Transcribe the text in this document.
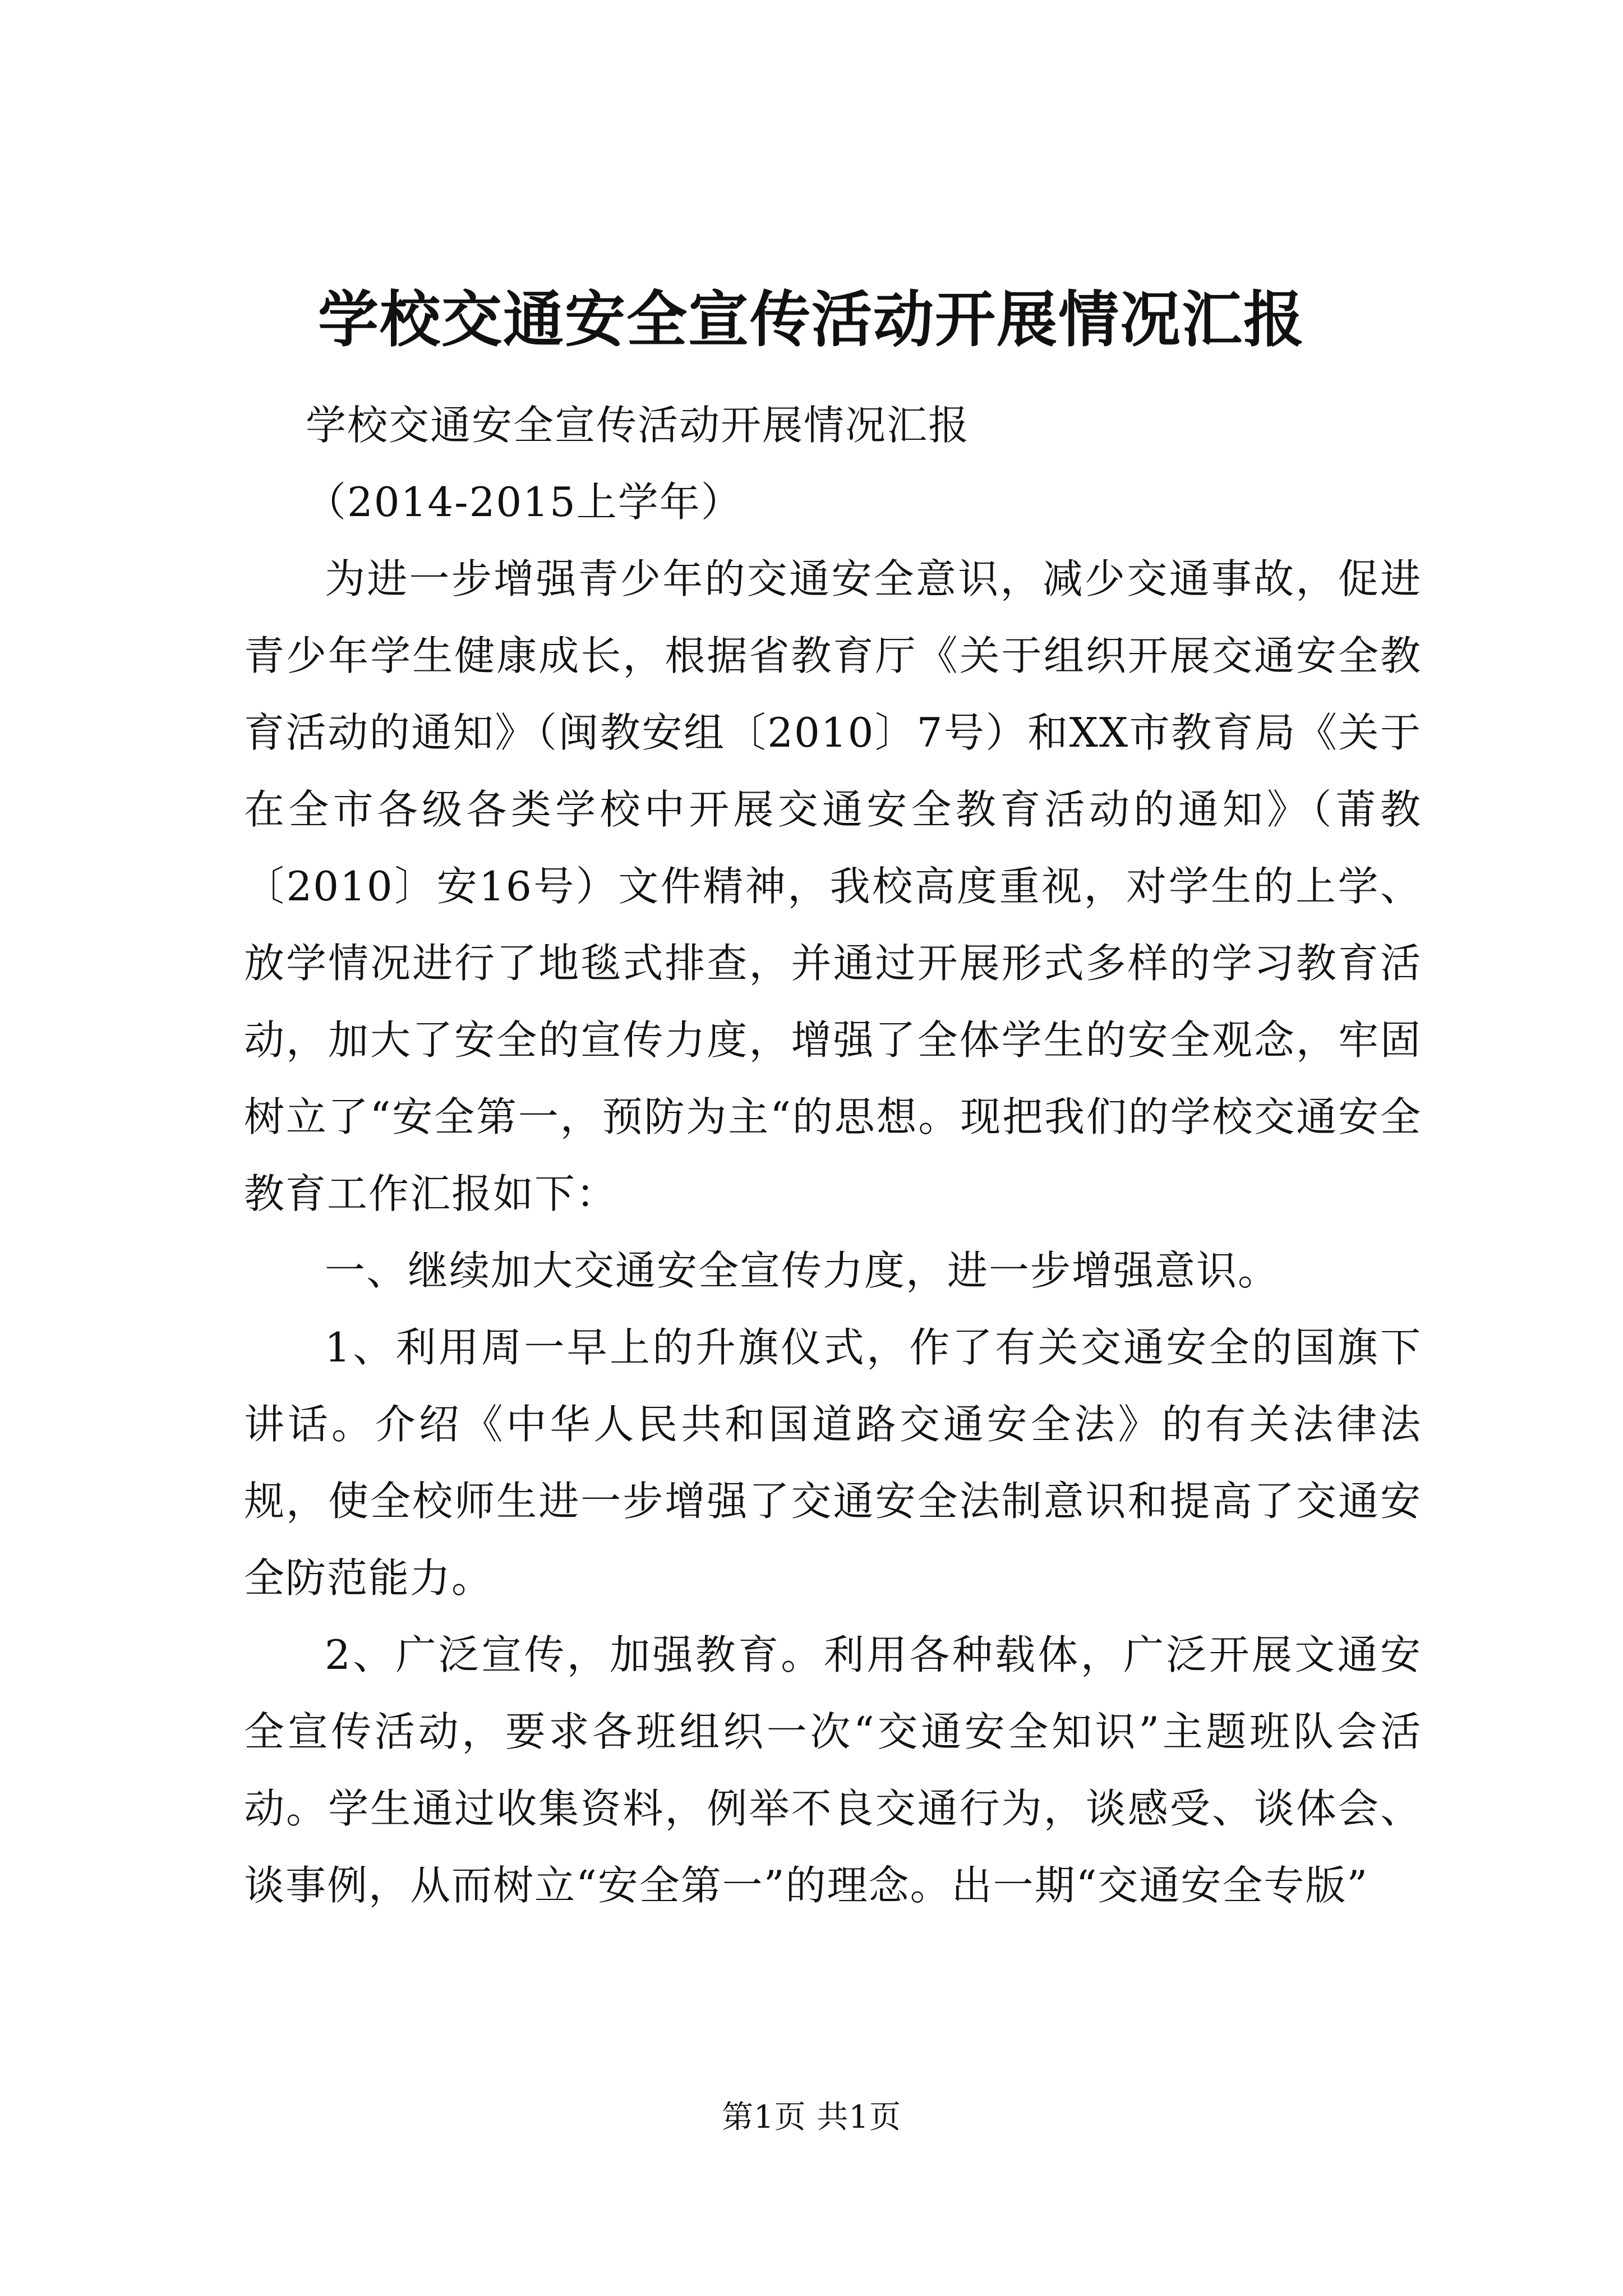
学校交通安全宣传活动开展情况汇报

学校交通安全宣传活动开展情况汇报

（2014-2015上学年）

为进一步增强青少年的交通安全意识，减少交通事故，促进青少年学生健康成长，根据省教育厅《关于组织开展交通安全教育活动的通知》（闽教安组〔2010〕7号）和XX市教育局《关于在全市各级各类学校中开展交通安全教育活动的通知》（莆教〔2010〕安16号）文件精神，我校高度重视，对学生的上学、放学情况进行了地毯式排查，并通过开展形式多样的学习教育活动，加大了安全的宣传力度，增强了全体学生的安全观念，牢固树立了“安全第一，预防为主“的思想。现把我们的学校交通安全教育工作汇报如下：

一、继续加大交通安全宣传力度，进一步增强意识。

1、利用周一早上的升旗仪式，作了有关交通安全的国旗下讲话。介绍《中华人民共和国道路交通安全法》的有关法律法规，使全校师生进一步增强了交通安全法制意识和提高了交通安全防范能力。

2、广泛宣传，加强教育。利用各种载体，广泛开展文通安全宣传活动，要求各班组织一次“交通安全知识”主题班队会活动。学生通过收集资料，例举不良交通行为，谈感受、谈体会、谈事例，从而树立“安全第一”的理念。出一期“交通安全专版”

第1页 共1页
